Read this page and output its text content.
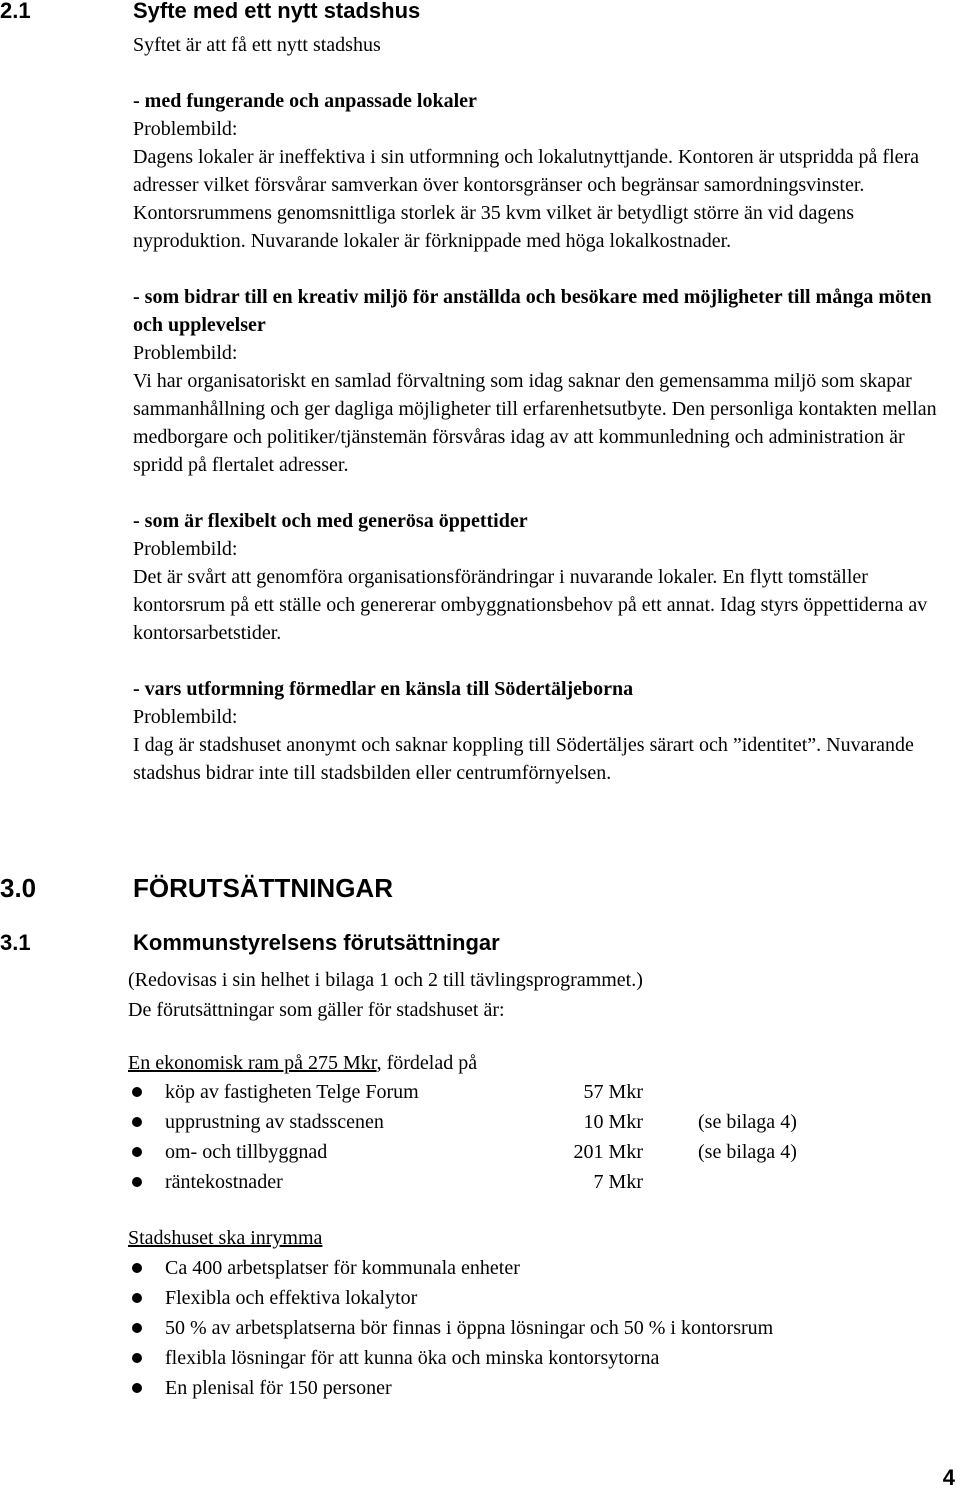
2.1	Syfte med ett nytt stadshus

Syftet är att få ett nytt stadshus

- med fungerande och anpassade lokaler

Problembild:

Dagens lokaler är ineffektiva i sin utformning och lokalutnyttjande. Kontoren är utspridda på flera adresser vilket försvårar samverkan över kontorsgränser och begränsar samordningsvinster. Kontorsrummens genomsnittliga storlek är 35 kvm vilket är betydligt större än vid dagens nyproduktion. Nuvarande lokaler är förknippade med höga lokalkostnader.

- som bidrar till en kreativ miljö för anställda och besökare med möjligheter till många möten och upplevelser

Problembild:

Vi har organisatoriskt en samlad förvaltning som idag saknar den gemensamma miljö som skapar sammanhållning och ger dagliga möjligheter till erfarenhetsutbyte. Den personliga kontakten mellan medborgare och politiker/tjänstemän försvåras idag av att kommunledning och administration är spridd på flertalet adresser.

- som är flexibelt och med generösa öppettider

Problembild:

Det är svårt att genomföra organisationsförändringar i nuvarande lokaler. En flytt tomställer kontorsrum på ett ställe och genererar ombyggnationsbehov på ett annat. Idag styrs öppettiderna av kontorsarbetstider.

- vars utformning förmedlar en känsla till Södertäljeborna

Problembild:

I dag är stadshuset anonymt och saknar koppling till Södertäljes särart och ”identitet”. Nuvarande stadshus bidrar inte till stadsbilden eller centrumförnyelsen.

3.0	FÖRUTSÄTTNINGAR
3.1	Kommunstyrelsens förutsättningar

(Redovisas i sin helhet i bilaga 1 och 2 till tävlingsprogrammet.)

De förutsättningar som gäller för stadshuset är:

En ekonomisk ram på 275 Mkr, fördelad på
köp av fastigheten Telge Forum	57 Mkr
upprustning av stadsscenen	10 Mkr	(se bilaga 4)
om- och tillbyggnad	201 Mkr	(se bilaga 4)
räntekostnader	7 Mkr
Stadshuset ska inrymma
Ca 400 arbetsplatser för kommunala enheter
Flexibla och effektiva lokalytor
50 % av arbetsplatserna bör finnas i öppna lösningar och 50 % i kontorsrum
flexibla lösningar för att kunna öka och minska kontorsytorna
En plenisal för 150 personer
4
